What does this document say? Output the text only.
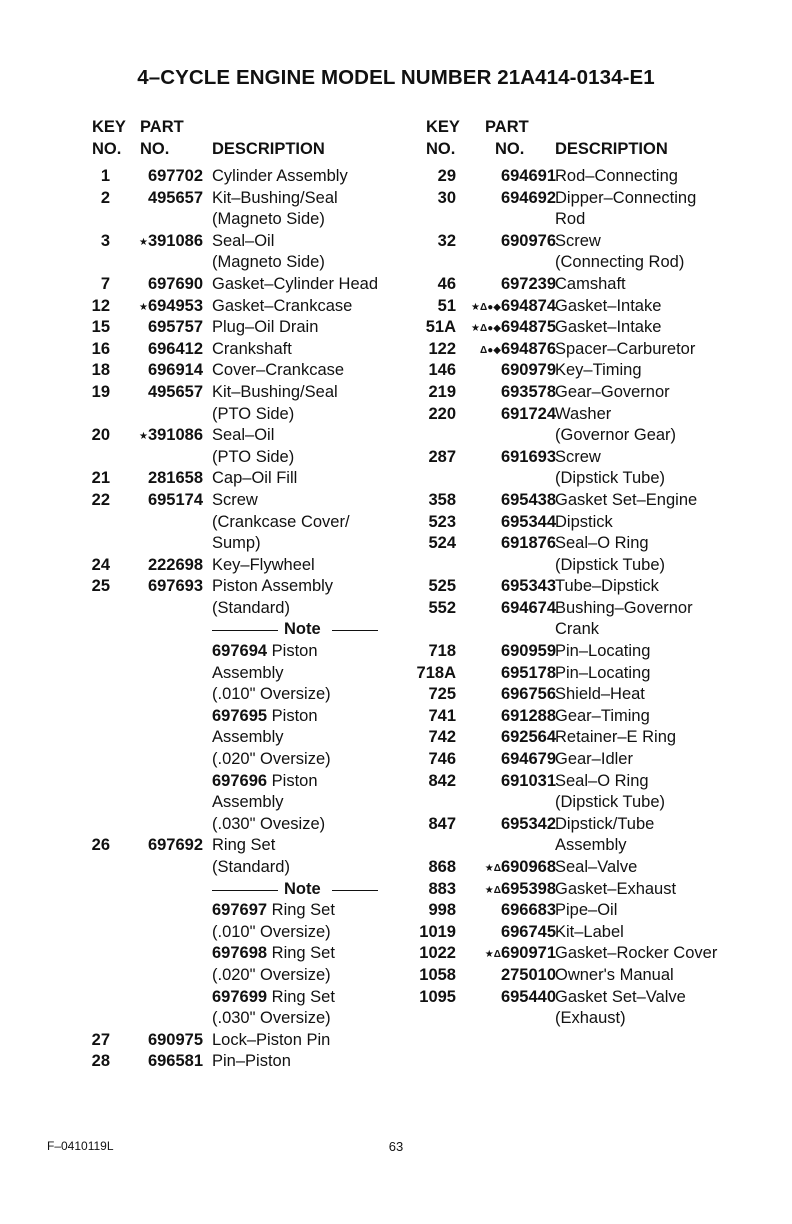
4–CYCLE ENGINE MODEL NUMBER 21A414-0134-E1
KEY
NO.
PART
NO.	DESCRIPTION
1	697702 Cylinder Assembly
2	495657 Kit–Bushing/Seal
(Magneto Side)
3	★391086 Seal–Oil
(Magneto Side)
7	697690 Gasket–Cylinder Head
12	★694953 Gasket–Crankcase
15	695757 Plug–Oil Drain
16	696412 Crankshaft
18	696914 Cover–Crankcase
19	495657 Kit–Bushing/Seal
(PTO Side)
20	★391086 Seal–Oil
(PTO Side)
21	281658 Cap–Oil Fill
22	695174 Screw
(Crankcase Cover/
Sump)
24	222698 Key–Flywheel
25	697693 Piston Assembly
(Standard)
Note
697694 Piston
Assembly
(.010" Oversize)
697695 Piston
Assembly
(.020" Oversize)
697696 Piston
Assembly
(.030" Ovesize)
26	697692 Ring Set
(Standard)
Note
697697 Ring Set
(.010" Oversize)
697698 Ring Set
(.020" Oversize)
697699 Ring Set
(.030" Oversize)
27	690975 Lock–Piston Pin
28	696581 Pin–Piston
KEY
NO.
PART
NO. DESCRIPTION
29	694691 Rod–Connecting
30	694692 Dipper–Connecting
Rod
32	690976 Screw
(Connecting Rod)
46	697239 Camshaft
51	★Δ●◆694874 Gasket–Intake
51A	★Δ●◆694875 Gasket–Intake
122	Δ●◆694876 Spacer–Carburetor
146	690979 Key–Timing
219	693578 Gear–Governor
220	691724 Washer
(Governor Gear)
287	691693 Screw
(Dipstick Tube)
358	695438 Gasket Set–Engine
523	695344 Dipstick
524	691876 Seal–O Ring
(Dipstick Tube)
525	695343 Tube–Dipstick
552	694674 Bushing–Governor
Crank
718	690959 Pin–Locating
718A	695178 Pin–Locating
725	696756 Shield–Heat
741	691288 Gear–Timing
742	692564 Retainer–E Ring
746	694679 Gear–Idler
842	691031 Seal–O Ring
(Dipstick Tube)
847	695342 Dipstick/Tube
Assembly
868	★Δ690968 Seal–Valve
883	★Δ695398 Gasket–Exhaust
998	696683 Pipe–Oil
1019	696745 Kit–Label
1022	★Δ690971 Gasket–Rocker Cover
1058	275010 Owner's Manual
1095	695440 Gasket Set–Valve
(Exhaust)
F–0410119L	63
